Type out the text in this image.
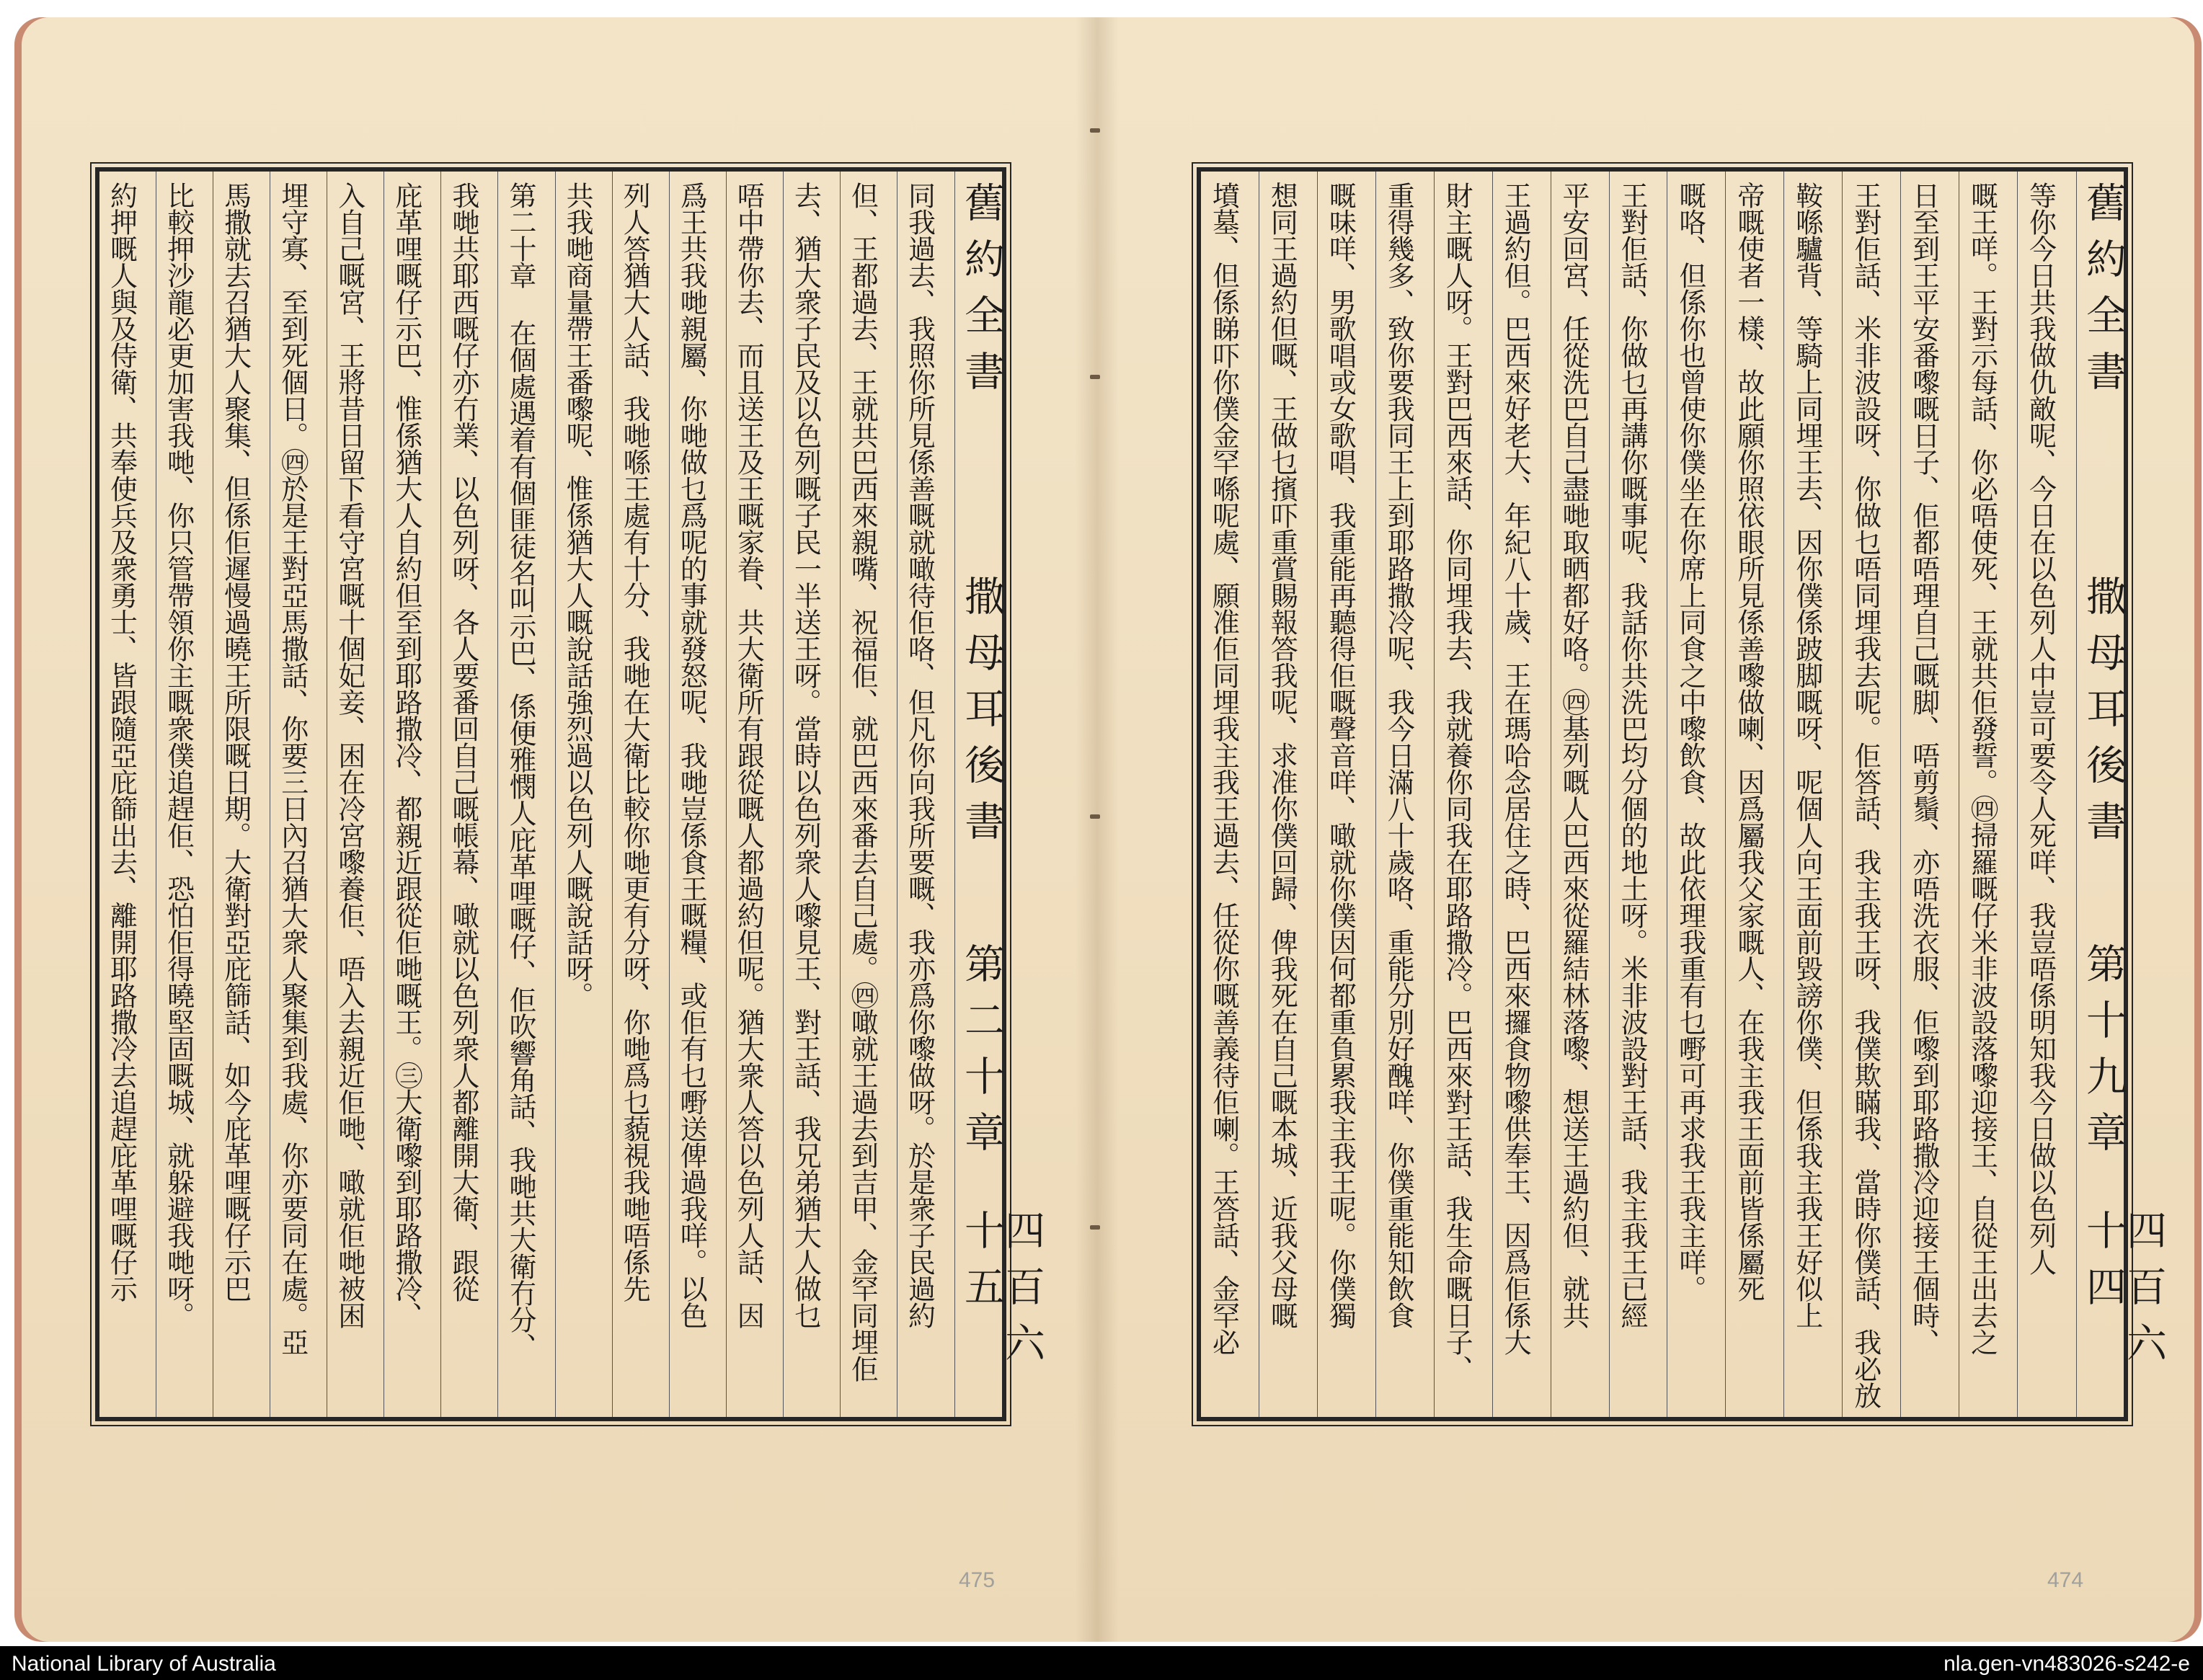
舊約全書
撒母耳後書
第二十章
四百六十五
同我過去、我照你所見係善嘅就噉待佢咯、但凡你向我所要嘅、我亦爲你嚟做呀。於是衆子民過約
但、王都過去、王就共巴西來親嘴、祝福佢、就巴西來番去自己處。㊃噉就王過去到吉甲、金罕同埋佢
去、猶大衆子民及以色列嘅子民一半送王呀。當時以色列衆人嚟見王、對王話、我兄弟猶大人做乜
唔中帶你去、而且送王及王嘅家眷、共大衛所有跟從嘅人都過約但呢。猶大衆人答以色列人話、因
爲王共我哋親屬、你哋做乜爲呢的事就發怒呢、我哋豈係食王嘅糧、或佢有乜嘢送俾過我咩。以色
列人答猶大人話、我哋喺王處有十分、我哋在大衛比較你哋更有分呀、你哋爲乜藐視我哋唔係先
共我哋商量帶王番嚟呢、惟係猶大人嘅說話強烈過以色列人嘅說話呀。
第二十章 在個處遇着有個匪徒名叫示巴、係便雅憫人庇革哩嘅仔、佢吹響角話、我哋共大衛冇分、
我哋共耶西嘅仔亦冇業、以色列呀、各人要番回自己嘅帳幕、噉就以色列衆人都離開大衛、跟從
庇革哩嘅仔示巴、惟係猶大人自約但至到耶路撒冷、都親近跟從佢哋嘅王。㊂大衛嚟到耶路撒冷、
入自己嘅宮、王將昔日留下看守宮嘅十個妃妾、困在冷宮嚟養佢、唔入去親近佢哋、噉就佢哋被困
埋守寡、至到死個日。㊃於是王對亞馬撒話、你要三日內召猶大衆人聚集到我處、你亦要同在處。亞
馬撒就去召猶大人聚集、但係佢遲慢過曉王所限嘅日期。大衛對亞庇篩話、如今庇革哩嘅仔示巴
比較押沙龍必更加害我哋、你只管帶領你主嘅衆僕追趕佢、恐怕佢得曉堅固嘅城、就躲避我哋呀。
約押嘅人與及侍衛、共奉使兵及衆勇士、皆跟隨亞庇篩出去、離開耶路撒冷去追趕庇革哩嘅仔示	舊約全書
撒母耳後書
第十九章
四百六十四
等你今日共我做仇敵呢、今日在以色列人中豈可要令人死咩、我豈唔係明知我今日做以色列人
嘅王咩。王對示每話、你必唔使死、王就共佢發誓。㊃掃羅嘅仔米非波設落嚟迎接王、自從王出去之
日至到王平安番嚟嘅日子、佢都唔理自己嘅脚、唔剪鬚、亦唔洗衣服、佢嚟到耶路撒冷迎接王個時、
王對佢話、米非波設呀、你做乜唔同埋我去呢。佢答話、我主我王呀、我僕欺瞞我、當時你僕話、我必放
鞍喺驢背、等騎上同埋王去、因你僕係跛脚嘅呀、呢個人向王面前毀謗你僕、但係我主我王好似上
帝嘅使者一樣、故此願你照依眼所見係善嚟做喇、因爲屬我父家嘅人、在我主我王面前皆係屬死
嘅咯、但係你也曾使你僕坐在你席上同食之中嚟飲食、故此依理我重有乜嘢可再求我王我主咩。
王對佢話、你做乜再講你嘅事呢、我話你共洗巴均分個的地土呀。米非波設對王話、我主我王已經
平安回宮、任從洗巴自己盡哋取晒都好咯。㊃基列嘅人巴西來從羅結林落嚟、想送王過約但、就共
王過約但。巴西來好老大、年紀八十歲、王在瑪哈念居住之時、巴西來攞食物嚟供奉王、因爲佢係大
財主嘅人呀。王對巴西來話、你同埋我去、我就養你同我在耶路撒冷。巴西來對王話、我生命嘅日子、
重得幾多、致你要我同王上到耶路撒冷呢、我今日滿八十歲咯、重能分別好醜咩、你僕重能知飲食
嘅味咩、男歌唱或女歌唱、我重能再聽得佢嘅聲音咩、噉就你僕因何都重負累我主我王呢。你僕獨
想同王過約但嘅、王做乜擯吓重賞賜報答我呢、求准你僕回歸、俾我死在自己嘅本城、近我父母嘅
墳墓、但係睇吓你僕金罕喺呢處、願准佢同埋我主我王過去、任從你嘅善義待佢喇。王答話、金罕必
475	474
National Library of Australia	nla.gen-vn483026-s242-e
